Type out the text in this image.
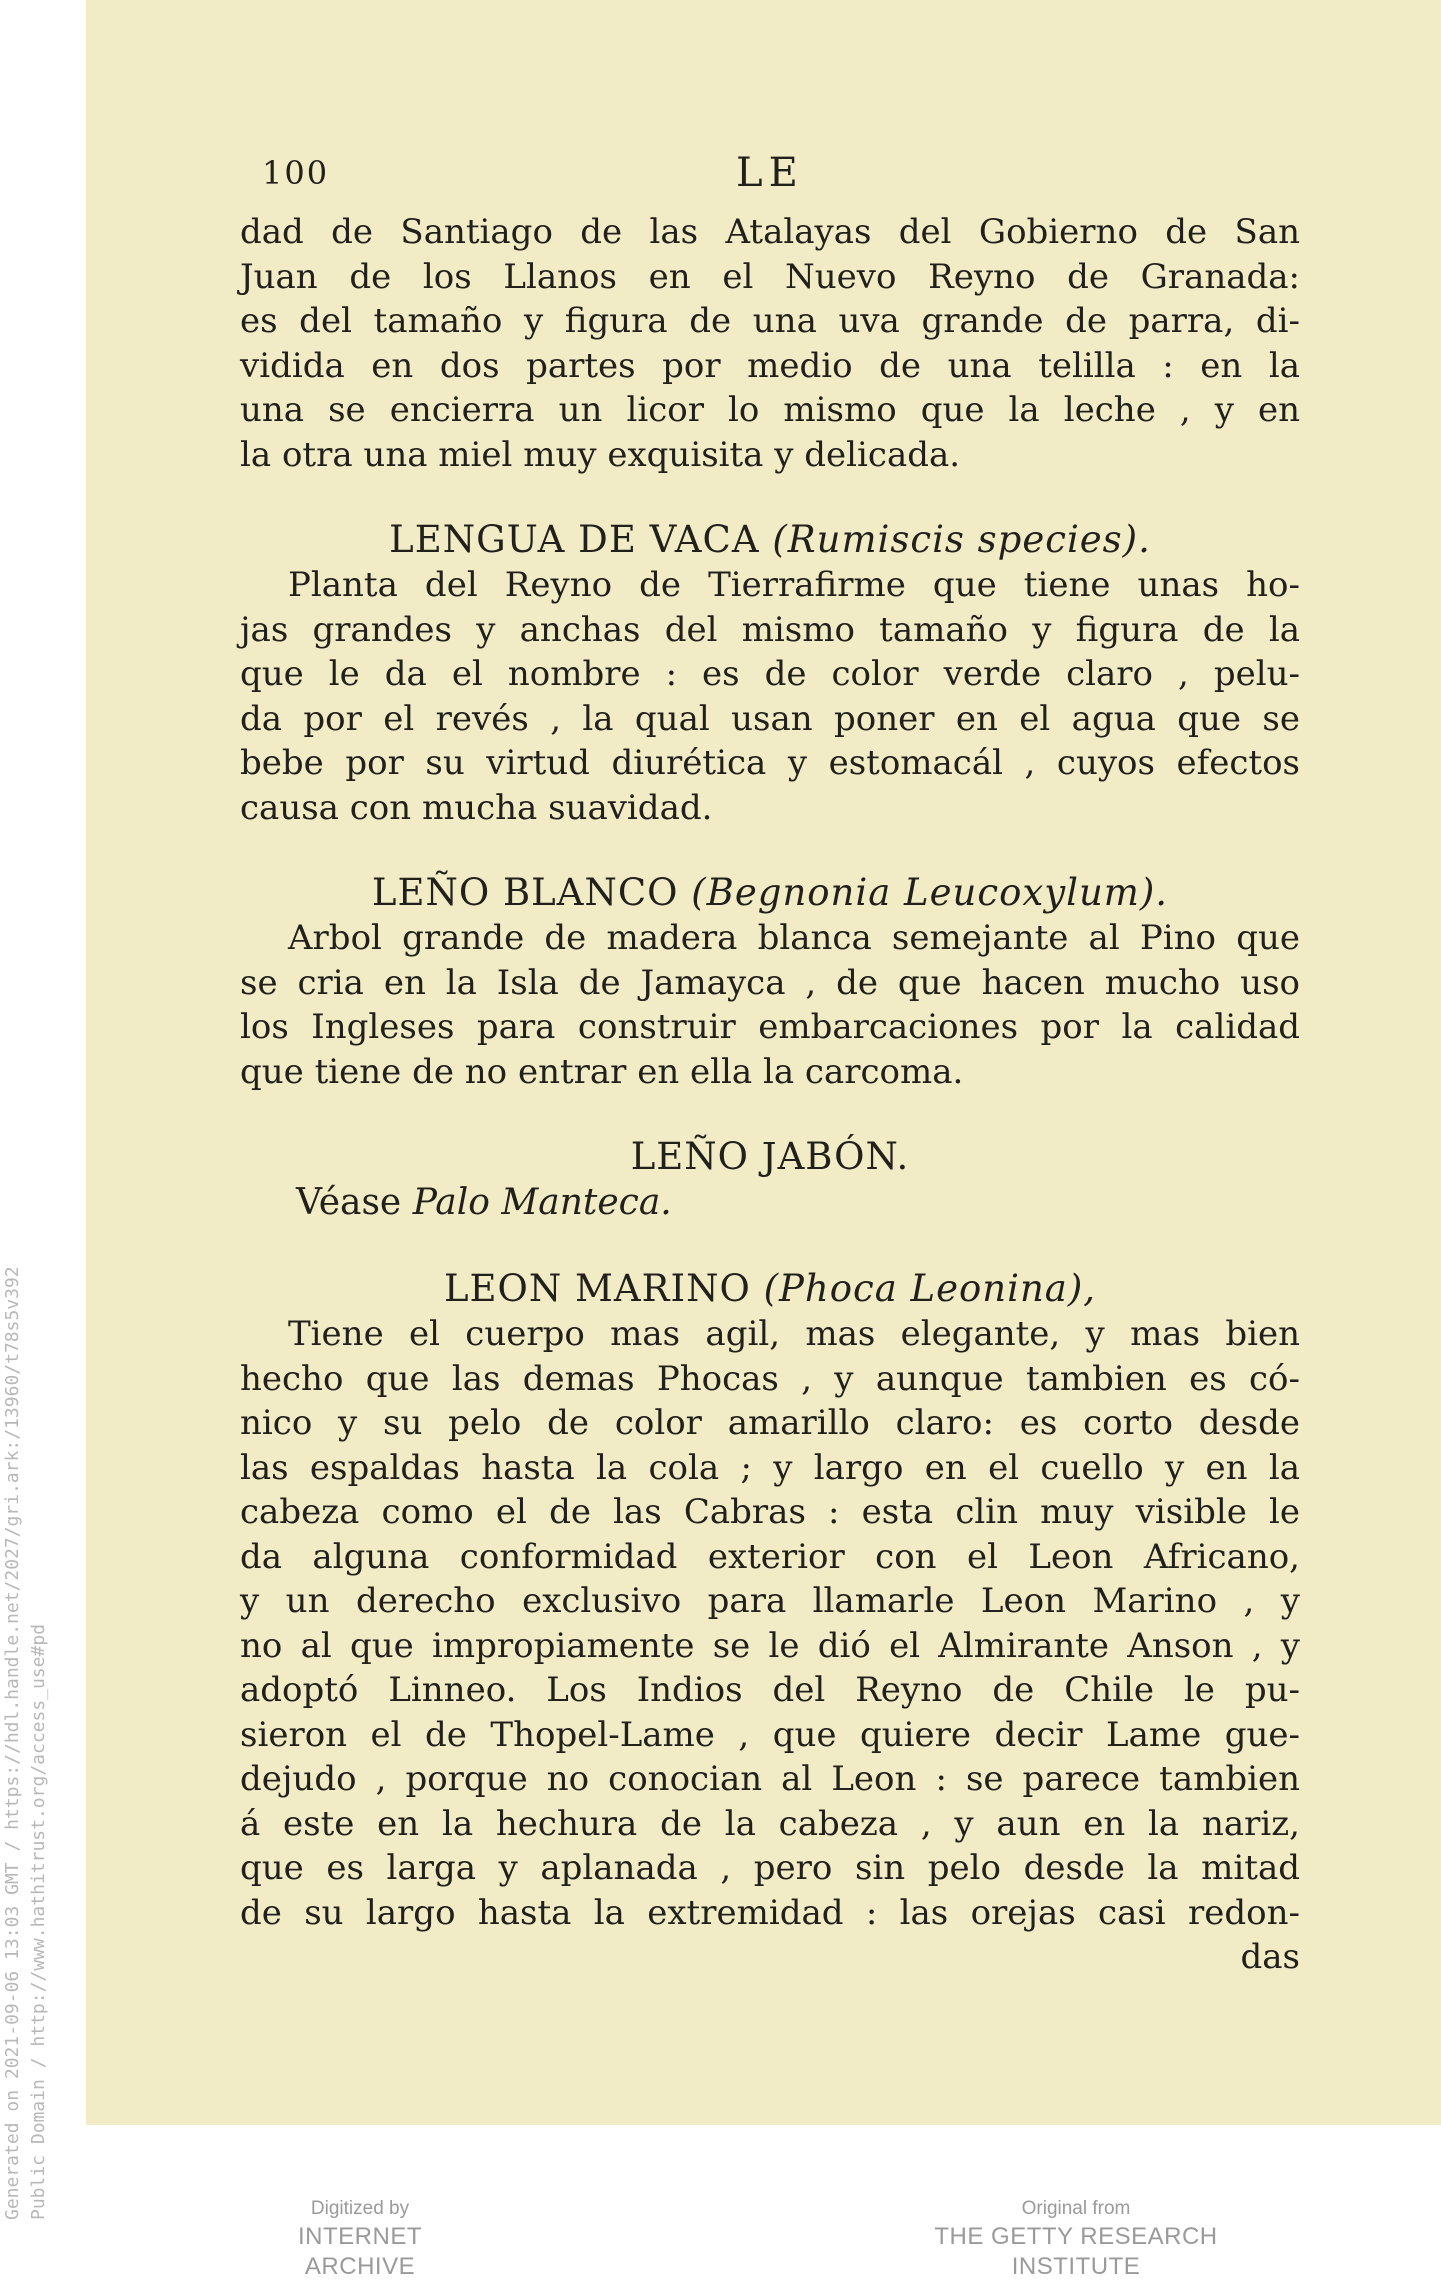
Generated on 2021-09-06 13:03 GMT / https://hdl.handle.net/2027/gri.ark:/13960/t78s5v392 Public Domain / http://www.hathitrust.org/access_use#pd
100	LE
dad de Santiago de las Atalayas del Gobierno de San
Juan de los Llanos en el Nuevo Reyno de Granada:
es del tamaño y figura de una uva grande de parra, di-
vidida en dos partes por medio de una telilla : en la
una se encierra un licor lo mismo que la leche , y en
la otra una miel muy exquisita y delicada.
LENGUA DE VACA (Rumiscis species).
Planta del Reyno de Tierrafirme que tiene unas ho-
jas grandes y anchas del mismo tamaño y figura de la
que le da el nombre : es de color verde claro , pelu-
da por el revés , la qual usan poner en el agua que se
bebe por su virtud diurética y estomacál , cuyos efectos
causa con mucha suavidad.
LEÑO BLANCO (Begnonia Leucoxylum).
Arbol grande de madera blanca semejante al Pino que
se cria en la Isla de Jamayca , de que hacen mucho uso
los Ingleses para construir embarcaciones por la calidad
que tiene de no entrar en ella la carcoma.
LEÑO JABÓN.
Véase Palo Manteca.
LEON MARINO (Phoca Leonina),
Tiene el cuerpo mas agil, mas elegante, y mas bien
hecho que las demas Phocas , y aunque tambien es có-
nico y su pelo de color amarillo claro: es corto desde
las espaldas hasta la cola ; y largo en el cuello y en la
cabeza como el de las Cabras : esta clin muy visible le
da alguna conformidad exterior con el Leon Africano,
y un derecho exclusivo para llamarle Leon Marino , y
no al que impropiamente se le dió el Almirante Anson , y
adoptó Linneo. Los Indios del Reyno de Chile le pu-
sieron el de Thopel-Lame , que quiere decir Lame gue-
dejudo , porque no conocian al Leon : se parece tambien
á este en la hechura de la cabeza , y aun en la nariz,
que es larga y aplanada , pero sin pelo desde la mitad
de su largo hasta la extremidad : las orejas casi redon-
das
Digitized by
INTERNET ARCHIVE
Original from
THE GETTY RESEARCH INSTITUTE
